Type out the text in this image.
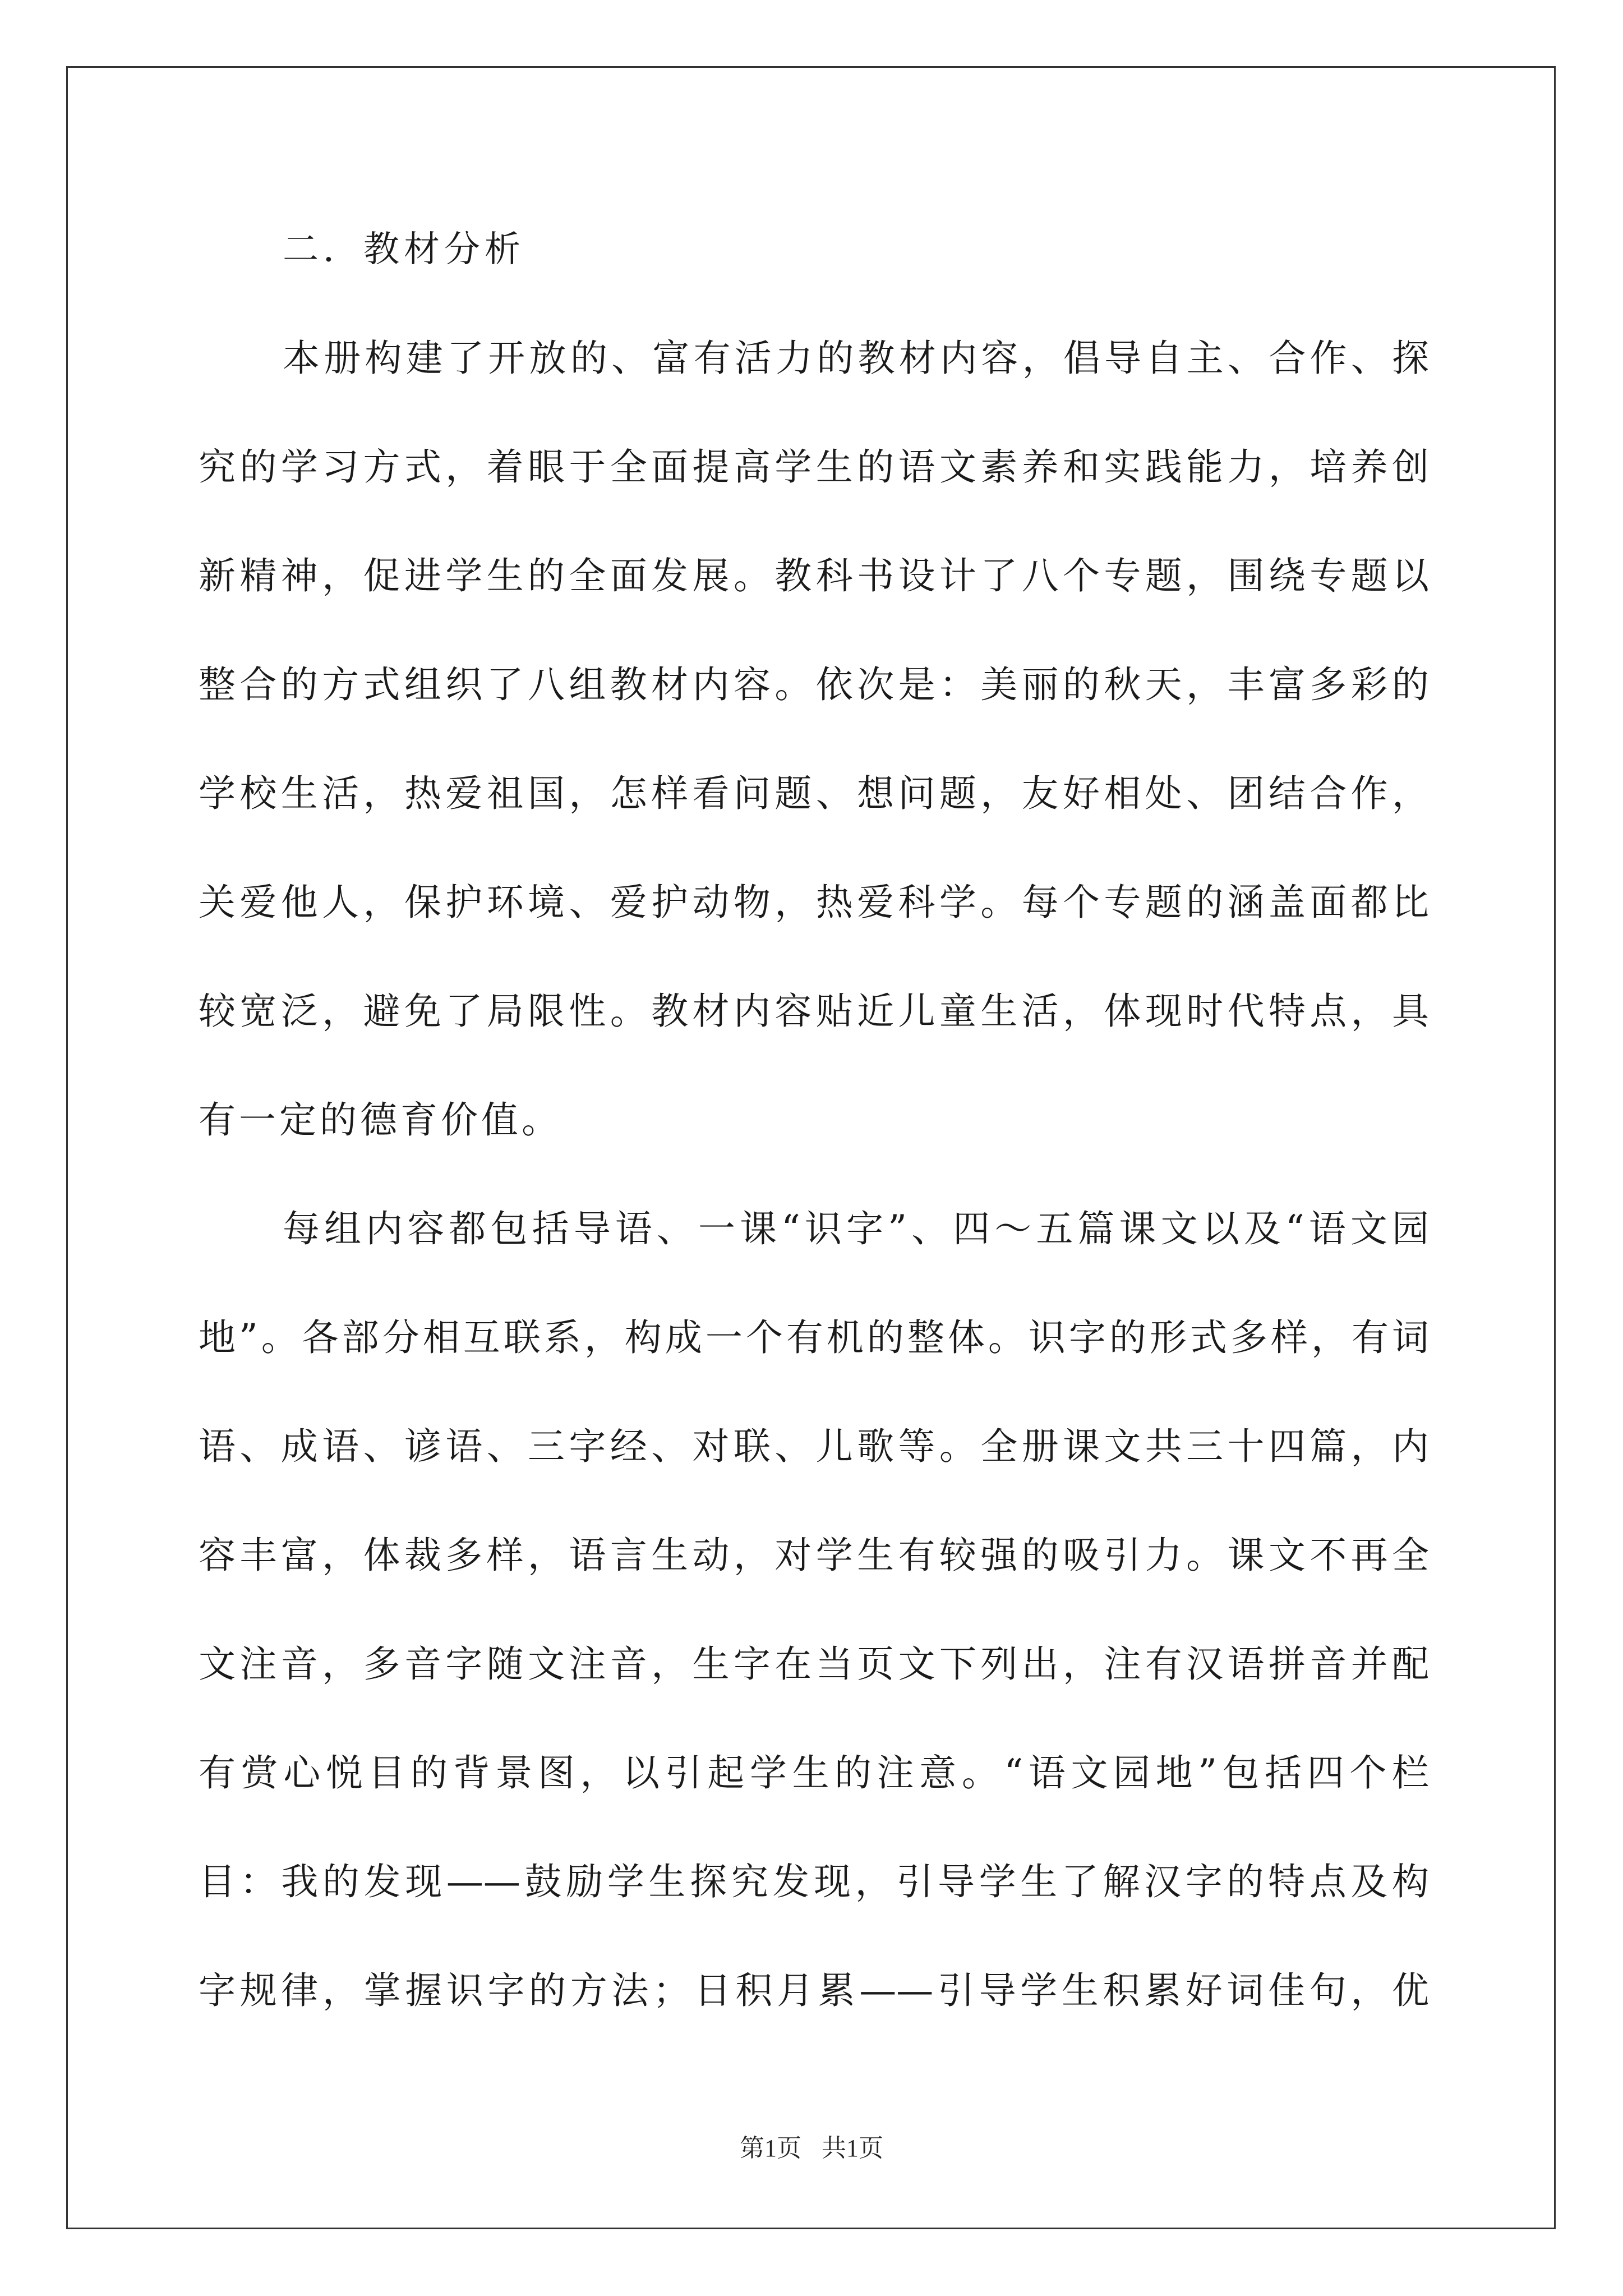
二．教材分析
本册构建了开放的、富有活力的教材内容，倡导自主、合作、探
究的学习方式，着眼于全面提高学生的语文素养和实践能力，培养创
新精神，促进学生的全面发展。教科书设计了八个专题，围绕专题以
整合的方式组织了八组教材内容。依次是：美丽的秋天，丰富多彩的
学校生活，热爱祖国，怎样看问题、想问题，友好相处、团结合作，
关爱他人，保护环境、爱护动物，热爱科学。每个专题的涵盖面都比
较宽泛，避免了局限性。教材内容贴近儿童生活，体现时代特点，具
有一定的德育价值。
每组内容都包括导语、一课“识字”、四～五篇课文以及“语文园
地”。各部分相互联系，构成一个有机的整体。识字的形式多样，有词
语、成语、谚语、三字经、对联、儿歌等。全册课文共三十四篇，内
容丰富，体裁多样，语言生动，对学生有较强的吸引力。课文不再全
文注音，多音字随文注音，生字在当页文下列出，注有汉语拼音并配
有赏心悦目的背景图，以引起学生的注意。“语文园地”包括四个栏
目：我的发现——鼓励学生探究发现，引导学生了解汉字的特点及构
字规律，掌握识字的方法；日积月累——引导学生积累好词佳句，优
第1页 共1页
